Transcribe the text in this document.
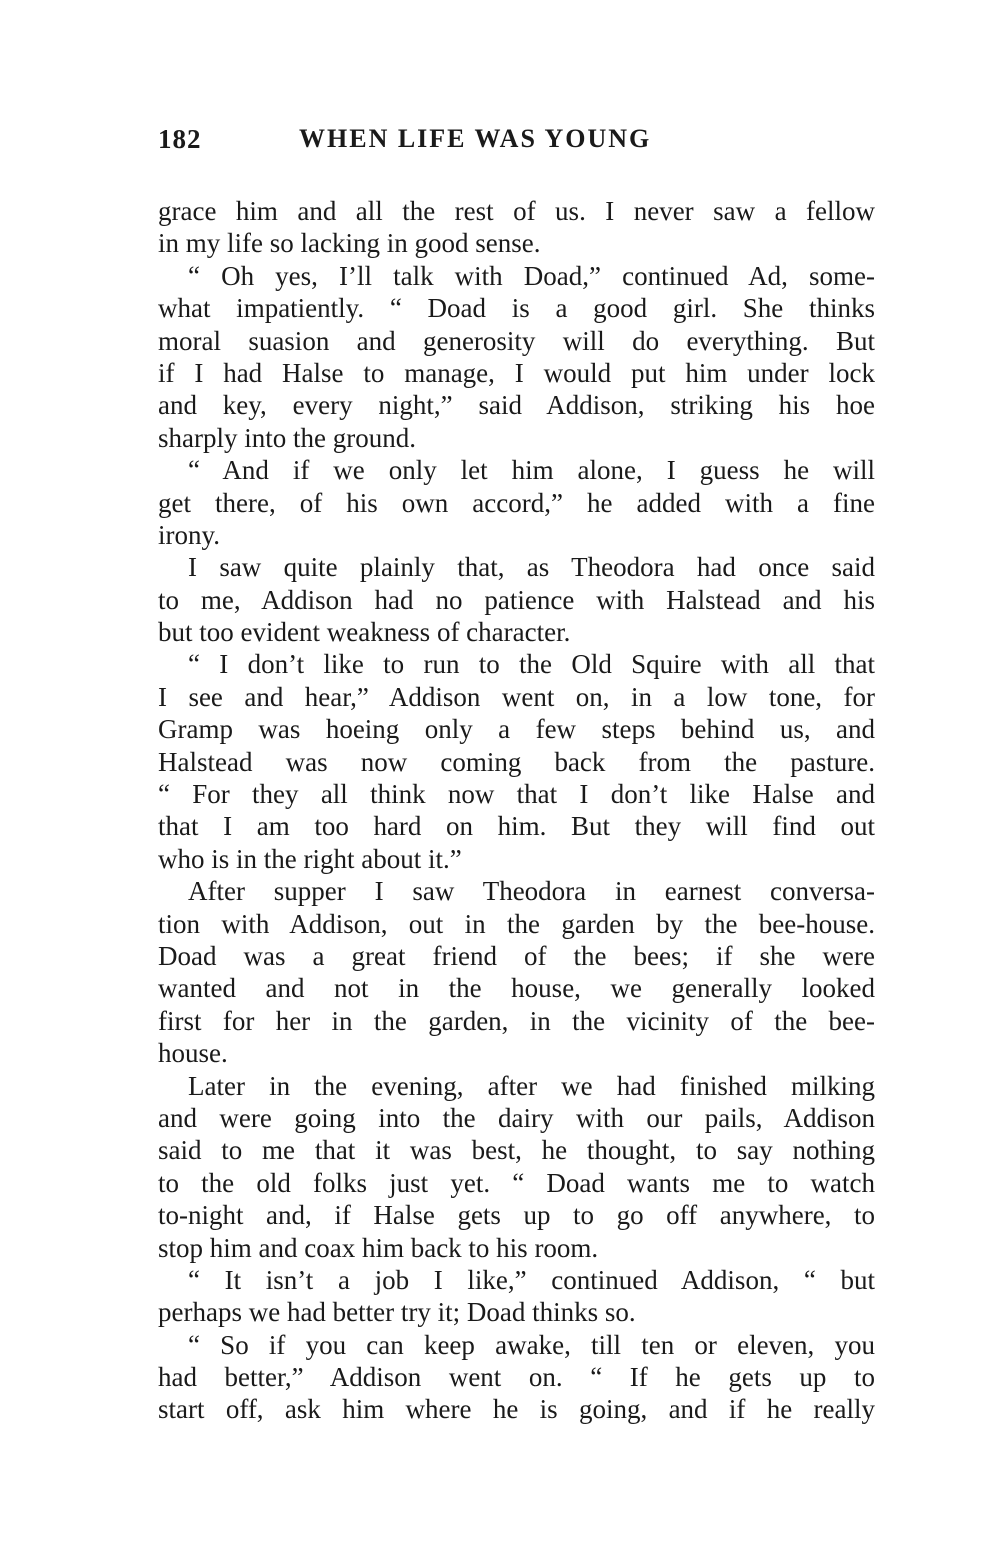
182	WHEN LIFE WAS YOUNG
grace him and all the rest of us. I never saw a fellow
in my life so lacking in good sense.
“ Oh yes, I’ll talk with Doad,” continued Ad, some-
what impatiently. “ Doad is a good girl. She thinks
moral suasion and generosity will do everything. But
if I had Halse to manage, I would put him under lock
and key, every night,” said Addison, striking his hoe
sharply into the ground.
“ And if we only let him alone, I guess he will
get there, of his own accord,” he added with a fine
irony.
I saw quite plainly that, as Theodora had once said
to me, Addison had no patience with Halstead and his
but too evident weakness of character.
“ I don’t like to run to the Old Squire with all that
I see and hear,” Addison went on, in a low tone, for
Gramp was hoeing only a few steps behind us, and
Halstead was now coming back from the pasture.
“ For they all think now that I don’t like Halse and
that I am too hard on him. But they will find out
who is in the right about it.”
After supper I saw Theodora in earnest conversa-
tion with Addison, out in the garden by the bee-house.
Doad was a great friend of the bees; if she were
wanted and not in the house, we generally looked
first for her in the garden, in the vicinity of the bee-
house.
Later in the evening, after we had finished milking
and were going into the dairy with our pails, Addison
said to me that it was best, he thought, to say nothing
to the old folks just yet. “ Doad wants me to watch
to-night and, if Halse gets up to go off anywhere, to
stop him and coax him back to his room.
“ It isn’t a job I like,” continued Addison, “ but
perhaps we had better try it; Doad thinks so.
“ So if you can keep awake, till ten or eleven, you
had better,” Addison went on. “ If he gets up to
start off, ask him where he is going, and if he really
